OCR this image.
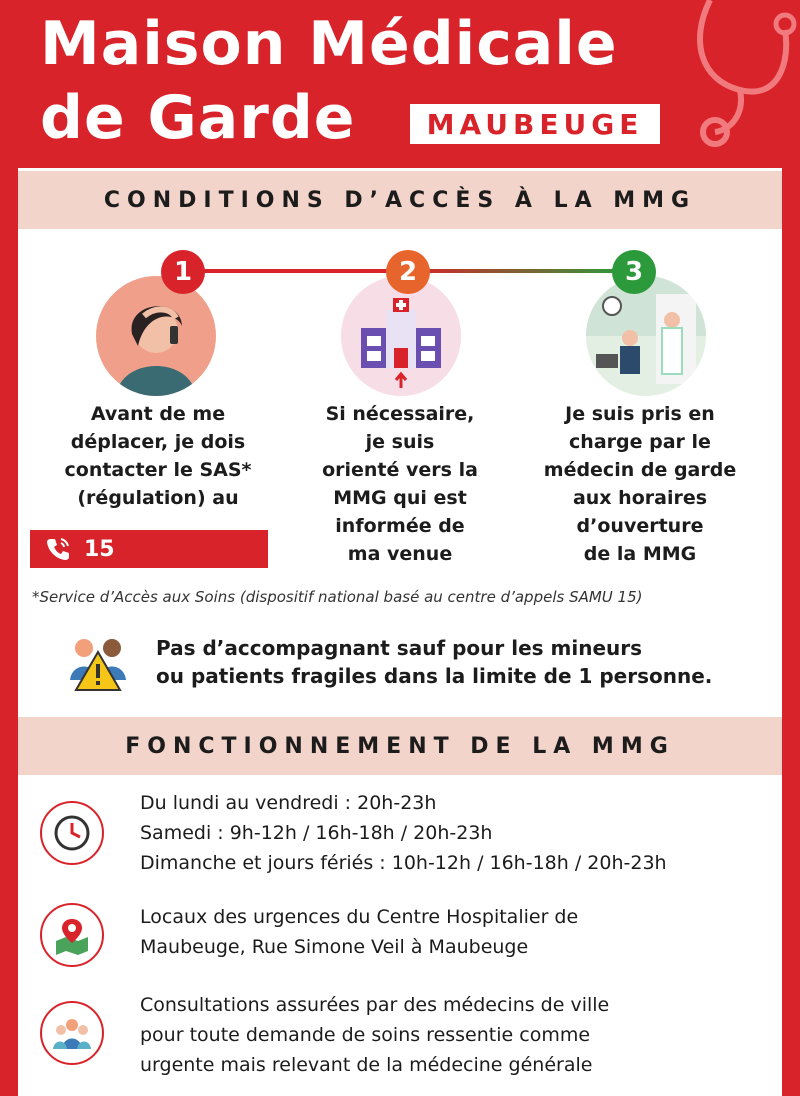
Maison Médicale
de Garde	MAUBEUGE
CONDITIONS D’ACCÈS À LA MMG
1	2	3
Avant de me
déplacer, je dois
contacter le SAS*
(régulation) au
Si nécessaire,
je suis
orienté vers la
MMG qui est
informée de
ma venue
Je suis pris en
charge par le
médecin de garde
aux horaires
d’ouverture
de la MMG
15
*Service d’Accès aux Soins (dispositif national basé au centre d’appels SAMU 15)
Pas d’accompagnant sauf pour les mineurs
ou patients fragiles dans la limite de 1 personne.
FONCTIONNEMENT DE LA MMG
Du lundi au vendredi : 20h-23h
Samedi : 9h-12h / 16h-18h / 20h-23h
Dimanche et jours fériés : 10h-12h / 16h-18h / 20h-23h
Locaux des urgences du Centre Hospitalier de
Maubeuge, Rue Simone Veil à Maubeuge
Consultations assurées par des médecins de ville
pour toute demande de soins ressentie comme
urgente mais relevant de la médecine générale
